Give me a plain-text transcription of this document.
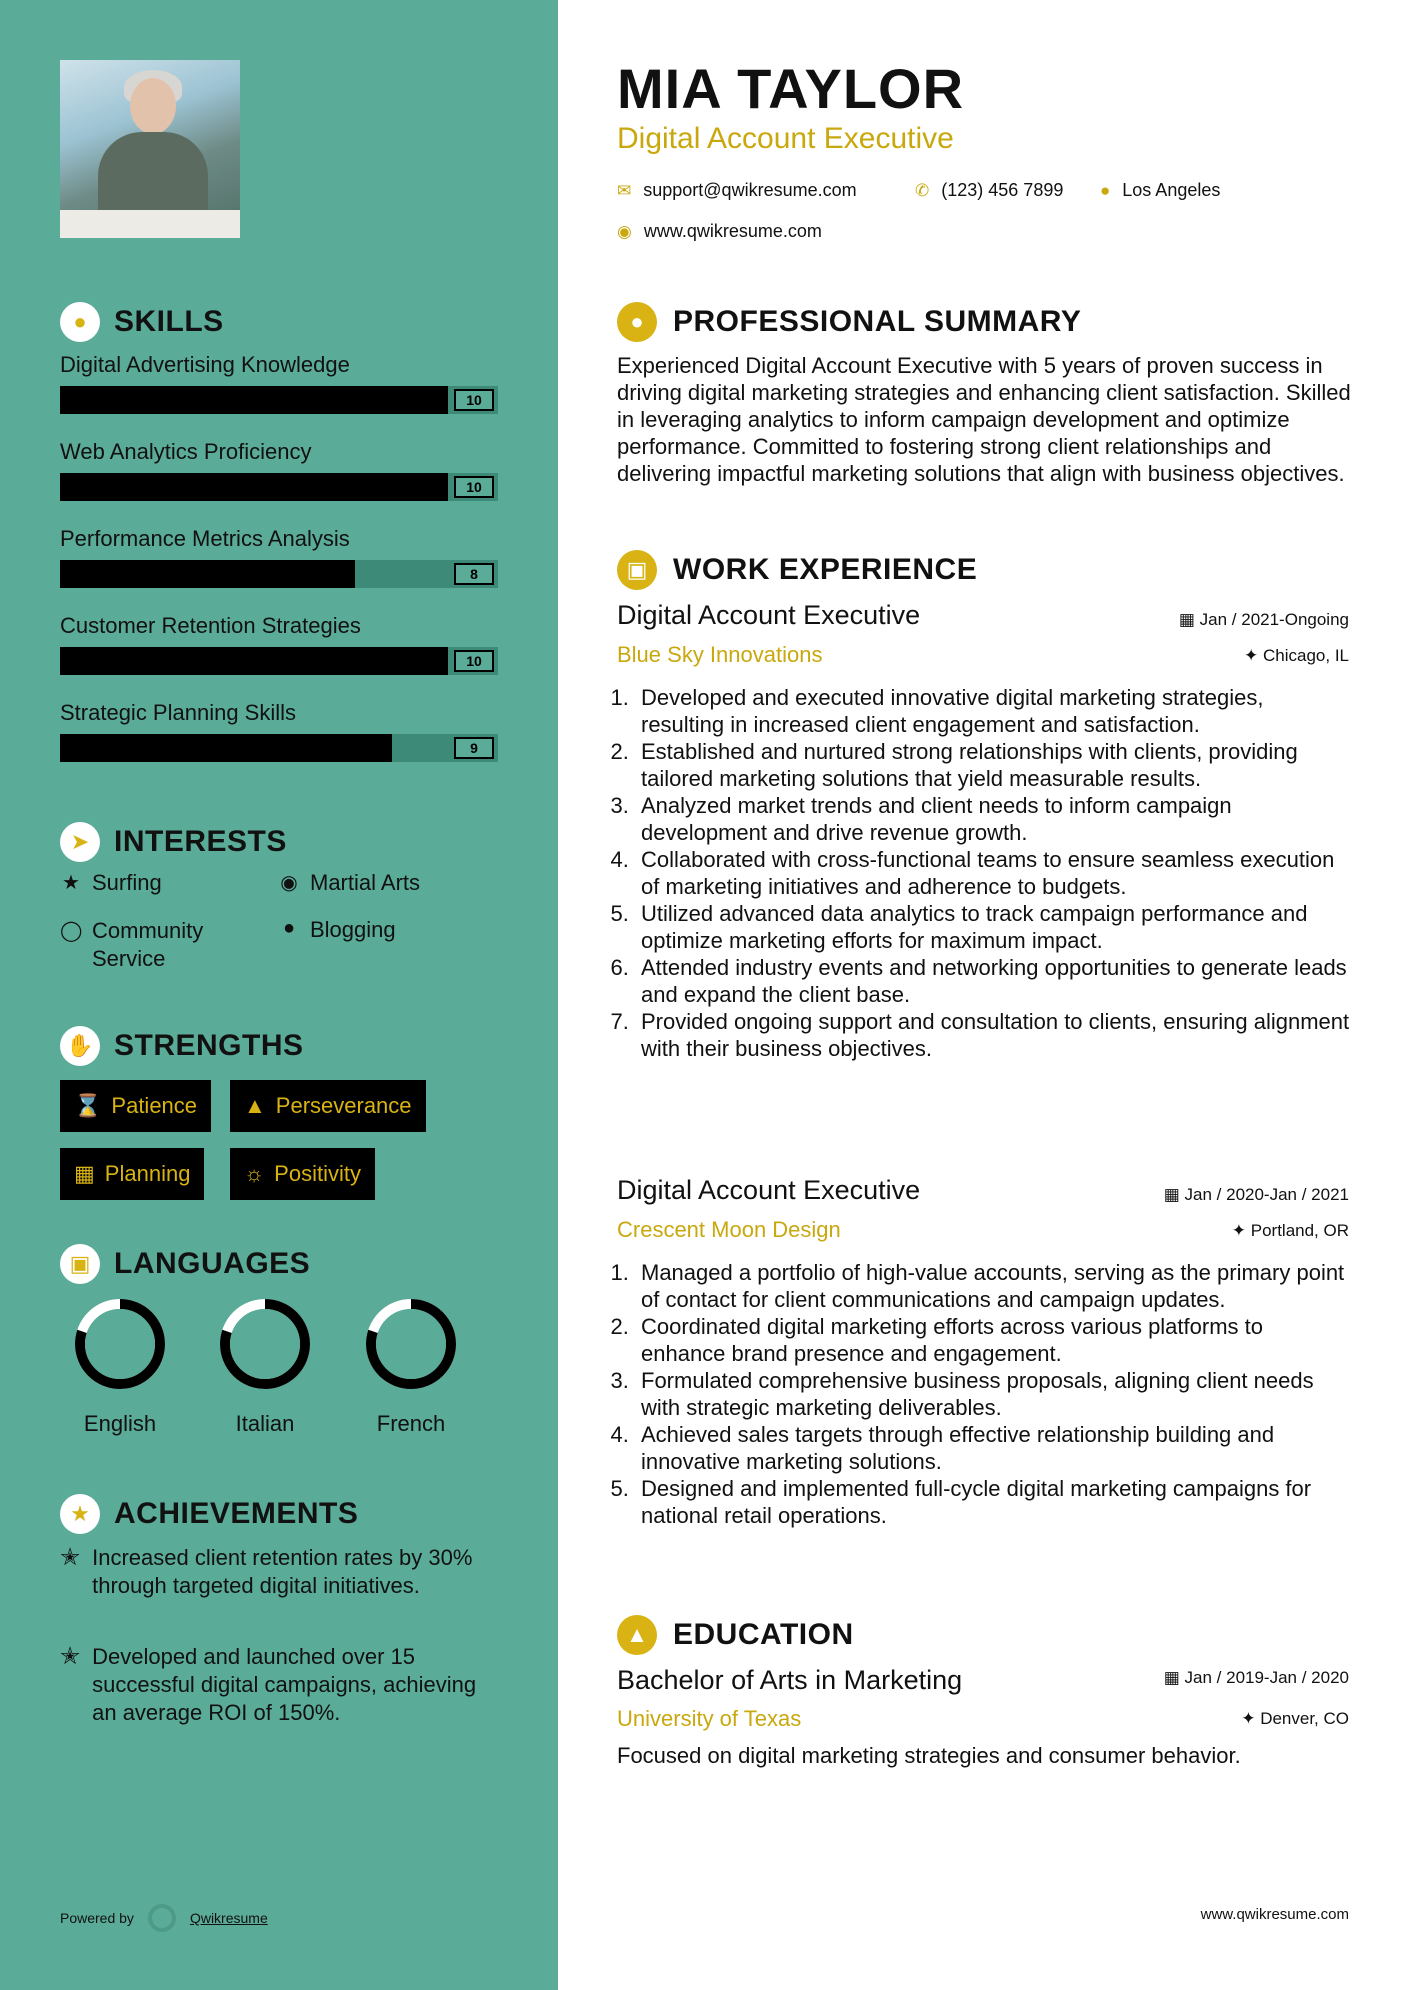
● SKILLS
Digital Advertising Knowledge
10
Web Analytics Proficiency
10
Performance Metrics Analysis
8
Customer Retention Strategies
10
Strategic Planning Skills
9
➤ INTERESTS
★ Surfing	◉ Martial Arts
◯ Community Service
● Blogging
✋ STRENGTHS
⌛ Patience ▲ Perseverance
▦ Planning ☼ Positivity
▣ LANGUAGES
English	Italian	French
★ ACHIEVEMENTS
✭ Increased client retention rates by 30% through targeted digital initiatives.
✭ Developed and launched over 15 successful digital campaigns, achieving an average ROI of 150%.
Powered by	Qwikresume
MIA TAYLOR
Digital Account Executive
✉ support@qwikresume.com	✆ (123) 456 7899 ● Los Angeles
◉ www.qwikresume.com
● PROFESSIONAL SUMMARY
Experienced Digital Account Executive with 5 years of proven success in driving digital marketing strategies and enhancing client satisfaction. Skilled in leveraging analytics to inform campaign development and optimize performance. Committed to fostering strong client relationships and delivering impactful marketing solutions that align with business objectives.
▣ WORK EXPERIENCE
Digital Account Executive	▦ Jan / 2021-Ongoing
Blue Sky Innovations	✦ Chicago, IL
1. Developed and executed innovative digital marketing strategies, resulting in increased client engagement and satisfaction.
2. Established and nurtured strong relationships with clients, providing tailored marketing solutions that yield measurable results.
3. Analyzed market trends and client needs to inform campaign development and drive revenue growth.
4. Collaborated with cross-functional teams to ensure seamless execution of marketing initiatives and adherence to budgets.
5. Utilized advanced data analytics to track campaign performance and optimize marketing efforts for maximum impact.
6. Attended industry events and networking opportunities to generate leads and expand the client base.
7. Provided ongoing support and consultation to clients, ensuring alignment with their business objectives.
Digital Account Executive	▦ Jan / 2020-Jan / 2021
Crescent Moon Design	✦ Portland, OR
1. Managed a portfolio of high-value accounts, serving as the primary point of contact for client communications and campaign updates.
2. Coordinated digital marketing efforts across various platforms to enhance brand presence and engagement.
3. Formulated comprehensive business proposals, aligning client needs with strategic marketing deliverables.
4. Achieved sales targets through effective relationship building and innovative marketing solutions.
5. Designed and implemented full-cycle digital marketing campaigns for national retail operations.
▲ EDUCATION
Bachelor of Arts in Marketing	▦ Jan / 2019-Jan / 2020
University of Texas	✦ Denver, CO
Focused on digital marketing strategies and consumer behavior.
www.qwikresume.com
